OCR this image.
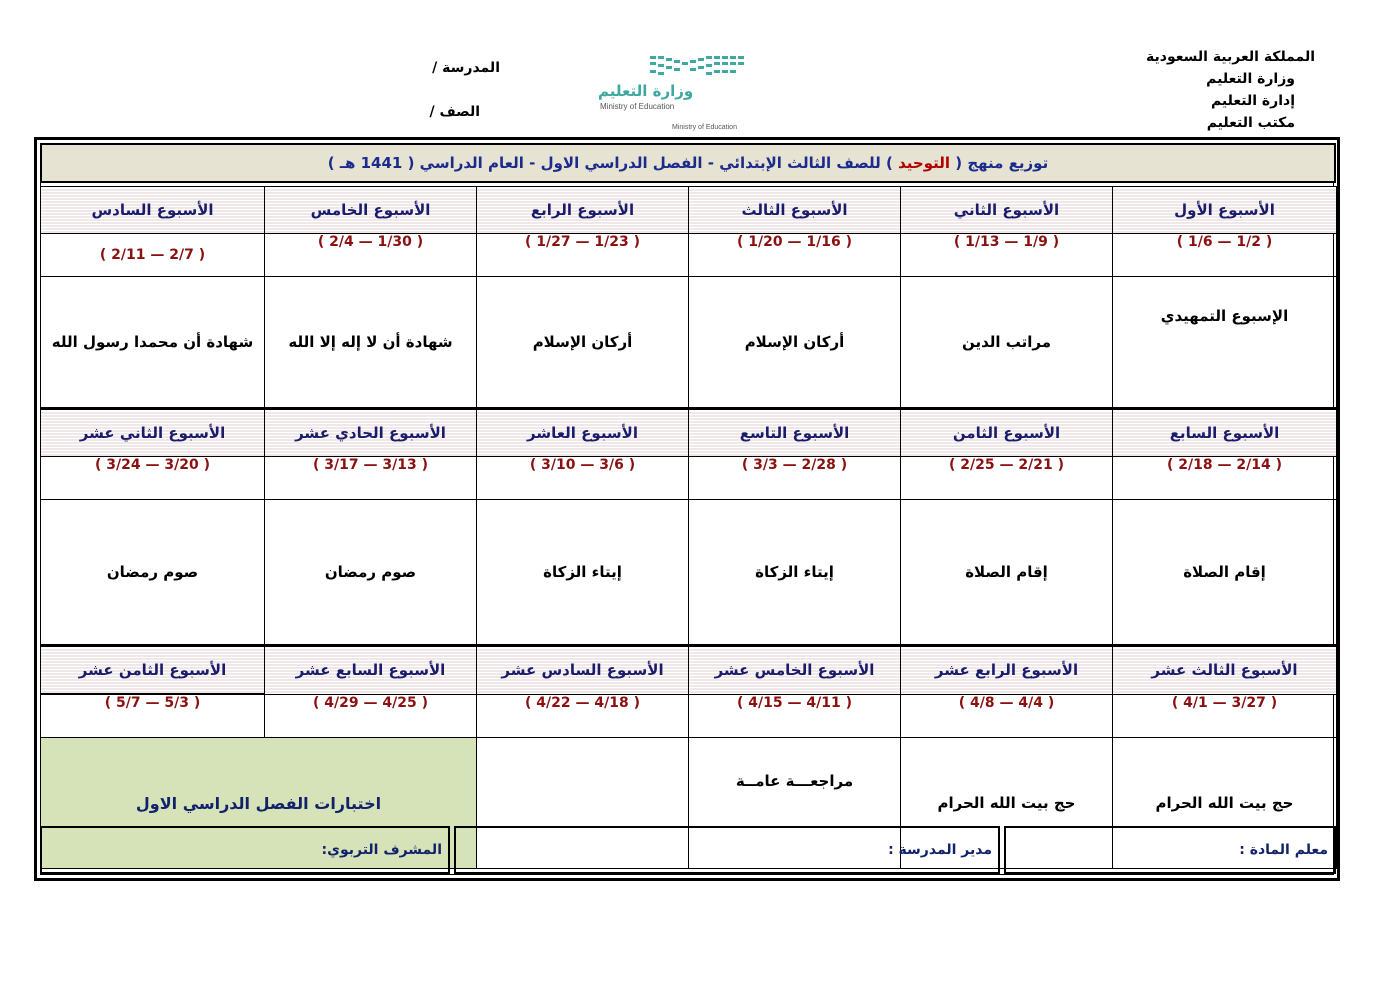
المملكة العربية السعودية
وزارة التعليم
إدارة التعليم
مكتب التعليم
المدرسة /
الصف /
وزارة التعليم
Ministry of Education
Ministry of Education
توزيع منهج ( التوحيد ) للصف الثالث الإبتدائي - الفصل الدراسي الاول - العام الدراسي ( 1441 هـ )
الأسبوع الأول	الأسبوع الثاني	الأسبوع الثالث	الأسبوع الرابع	الأسبوع الخامس	الأسبوع السادس
( 1/2 — 1/6 )	( 1/9 — 1/13 )	( 1/16 — 1/20 )	( 1/23 — 1/27 )	( 1/30 — 2/4 )	( 2/7 — 2/11 )
الإسبوع التمهيدي	مراتب الدين	أركان الإسلام	أركان الإسلام	شهادة أن لا إله إلا الله	شهادة أن محمدا رسول الله
الأسبوع السابع	الأسبوع الثامن	الأسبوع التاسع	الأسبوع العاشر	الأسبوع الحادي عشر	الأسبوع الثاني عشر
( 2/14 — 2/18 )	( 2/21 — 2/25 )	( 2/28 — 3/3 )	( 3/6 — 3/10 )	( 3/13 — 3/17 )	( 3/20 — 3/24 )
إقام الصلاة	إقام الصلاة	إيتاء الزكاة	إيتاء الزكاة	صوم رمضان	صوم رمضان
الأسبوع الثالث عشر	الأسبوع الرابع عشر	الأسبوع الخامس عشر	الأسبوع السادس عشر	الأسبوع السابع عشر	الأسبوع الثامن عشر
( 3/27 — 4/1 )	( 4/4 — 4/8 )	( 4/11 — 4/15 )	( 4/18 — 4/22 )	( 4/25 — 4/29 )	( 5/3 — 5/7 )
حج بيت الله الحرام	حج بيت الله الحرام	مراجعـــة عامــة		اختبارات الفصل الدراسي الاول	
معلم المادة :
مدير المدرسة :
المشرف التربوي:
